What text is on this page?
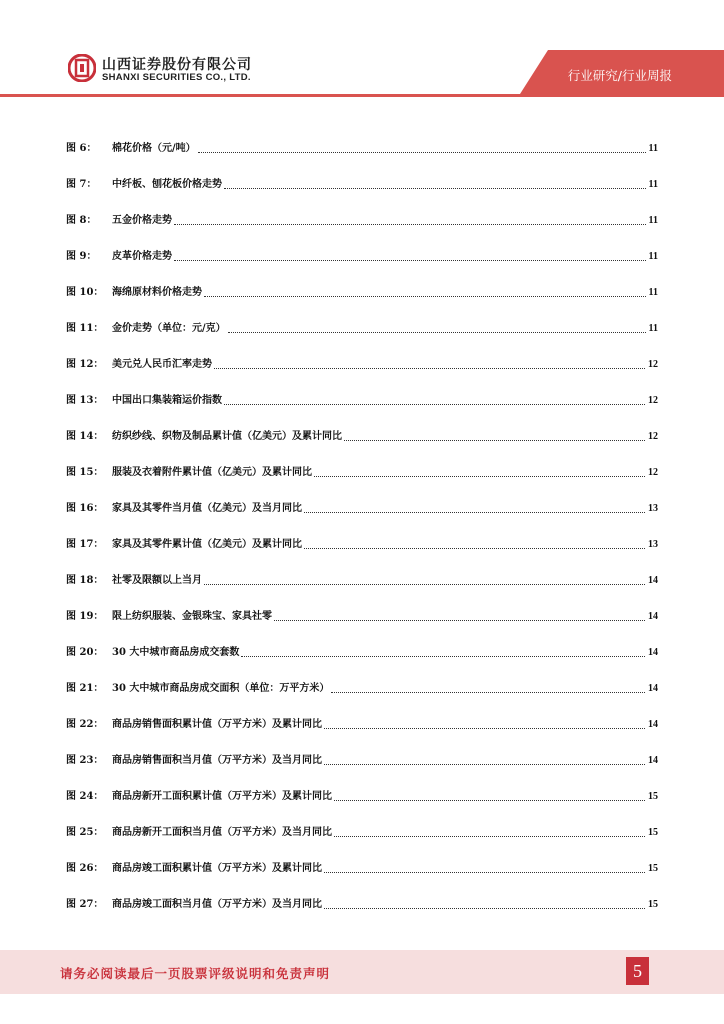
山西证券股份有限公司
SHANXI SECURITIES CO., LTD.	行业研究/行业周报
图 6：	棉花价格（元/吨）	11
图 7：	中纤板、刨花板价格走势	11
图 8：	五金价格走势	11
图 9：	皮革价格走势	11
图 10： 海绵原材料价格走势	11
图 11： 金价走势（单位：元/克）	11
图 12： 美元兑人民币汇率走势	12
图 13： 中国出口集装箱运价指数	12
图 14： 纺织纱线、织物及制品累计值（亿美元）及累计同比	12
图 15： 服装及衣着附件累计值（亿美元）及累计同比	12
图 16： 家具及其零件当月值（亿美元）及当月同比	13
图 17： 家具及其零件累计值（亿美元）及累计同比	13
图 18： 社零及限额以上当月	14
图 19： 限上纺织服装、金银珠宝、家具社零	14
图 20： 30 大中城市商品房成交套数	14
图 21： 30 大中城市商品房成交面积（单位：万平方米）	14
图 22： 商品房销售面积累计值（万平方米）及累计同比	14
图 23： 商品房销售面积当月值（万平方米）及当月同比	14
图 24： 商品房新开工面积累计值（万平方米）及累计同比	15
图 25： 商品房新开工面积当月值（万平方米）及当月同比	15
图 26： 商品房竣工面积累计值（万平方米）及累计同比	15
图 27： 商品房竣工面积当月值（万平方米）及当月同比	15
请务必阅读最后一页股票评级说明和免责声明	5
